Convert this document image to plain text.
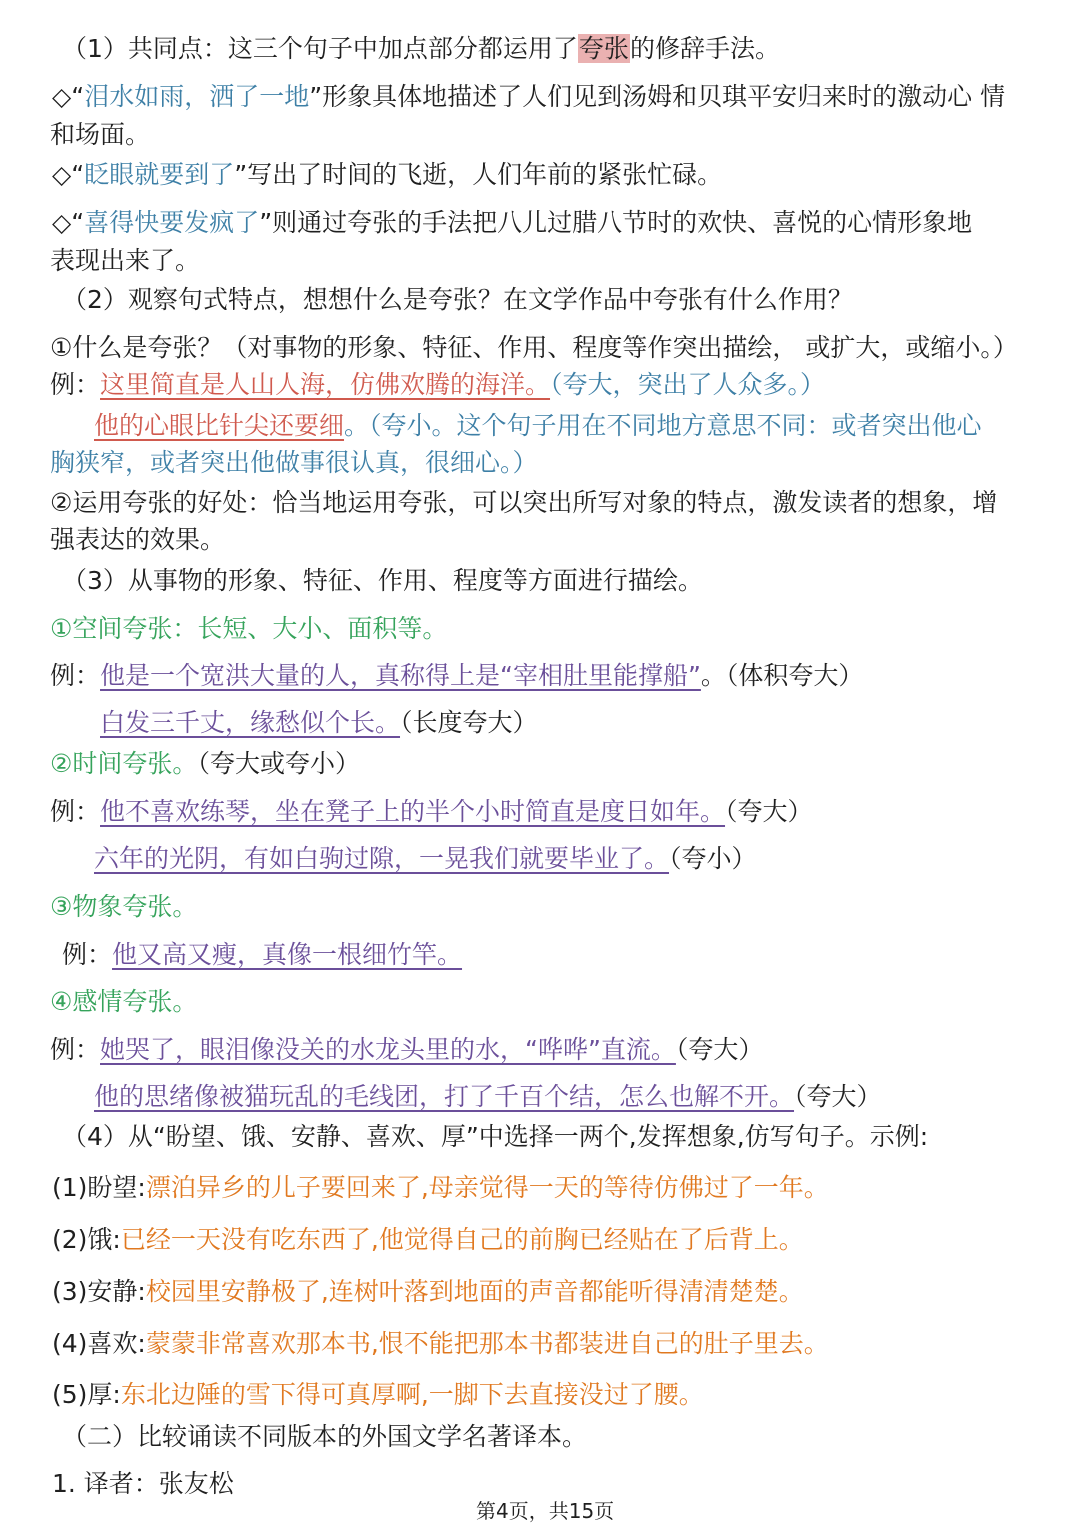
（1）共同点：这三个句子中加点部分都运用了夸张的修辞手法。
◇“泪水如雨，洒了一地”形象具体地描述了人们见到汤姆和贝琪平安归来时的激动心 情
和场面。
◇“眨眼就要到了”写出了时间的飞逝，人们年前的紧张忙碌。
◇“喜得快要发疯了”则通过夸张的手法把八儿过腊八节时的欢快、喜悦的心情形象地
表现出来了。
（2）观察句式特点，想想什么是夸张？在文学作品中夸张有什么作用？
①什么是夸张？（对事物的形象、特征、作用、程度等作突出描绘， 或扩大，或缩小。）
例：这里简直是人山人海，仿佛欢腾的海洋。（夸大，突出了人众多。）
他的心眼比针尖还要细。（夸小。这个句子用在不同地方意思不同：或者突出他心
胸狭窄，或者突出他做事很认真，很细心。）
②运用夸张的好处：恰当地运用夸张，可以突出所写对象的特点，激发读者的想象，增
强表达的效果。
（3）从事物的形象、特征、作用、程度等方面进行描绘。
①空间夸张：长短、大小、面积等。
例：他是一个宽洪大量的人，真称得上是“宰相肚里能撑船”。（体积夸大）
白发三千丈，缘愁似个长。（长度夸大）
②时间夸张。（夸大或夸小）
例：他不喜欢练琴，坐在凳子上的半个小时简直是度日如年。（夸大）
六年的光阴，有如白驹过隙，一晃我们就要毕业了。（夸小）
③物象夸张。
例：他又高又瘦，真像一根细竹竿。
④感情夸张。
例：她哭了，眼泪像没关的水龙头里的水，“哗哗”直流。（夸大）
他的思绪像被猫玩乱的毛线团，打了千百个结，怎么也解不开。（夸大）
（4）从“盼望、饿、安静、喜欢、厚”中选择一两个,发挥想象,仿写句子。示例:
(1)盼望:漂泊异乡的儿子要回来了,母亲觉得一天的等待仿佛过了一年。
(2)饿:已经一天没有吃东西了,他觉得自己的前胸已经贴在了后背上。
(3)安静:校园里安静极了,连树叶落到地面的声音都能听得清清楚楚。
(4)喜欢:蒙蒙非常喜欢那本书,恨不能把那本书都装进自己的肚子里去。
(5)厚:东北边陲的雪下得可真厚啊,一脚下去直接没过了腰。
（二）比较诵读不同版本的外国文学名著译本。
1. 译者：张友松
第4页，共15页
